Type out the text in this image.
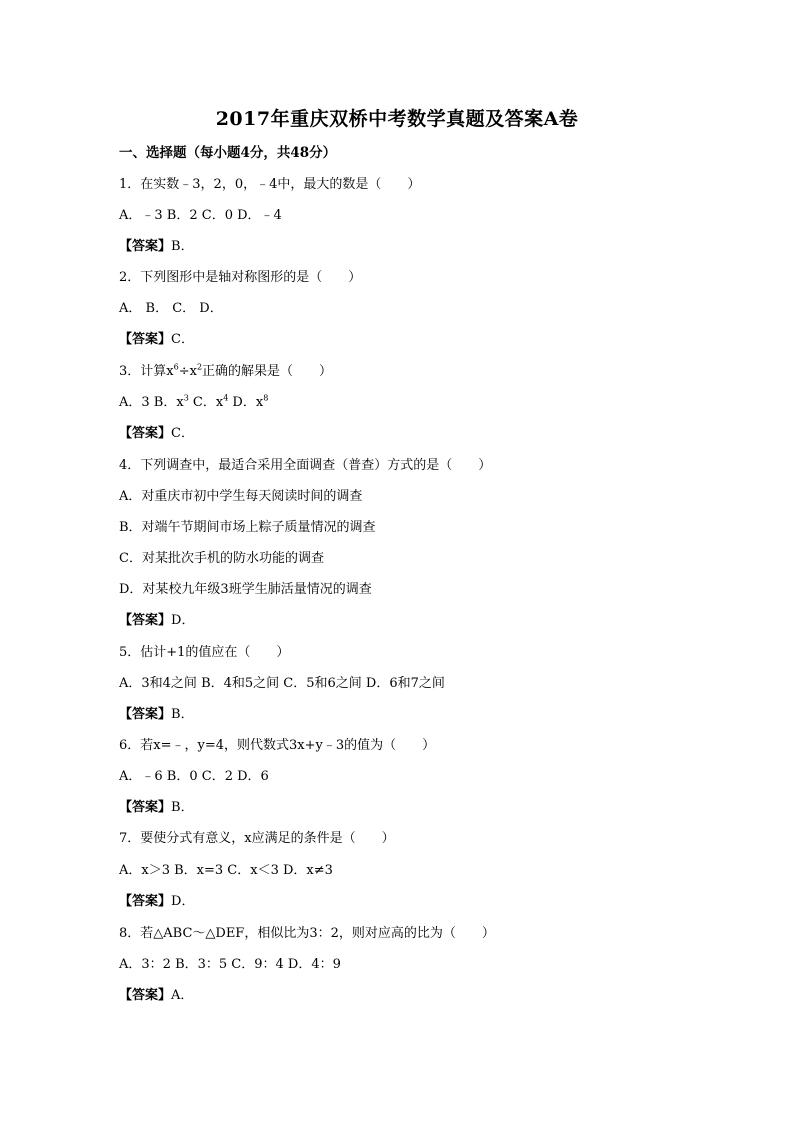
2017年重庆双桥中考数学真题及答案A卷
一、选择题（每小题4分，共48分）
1．在实数﹣3，2，0，﹣4中，最大的数是（　　）
A．﹣3 B．2 C．0 D．﹣4
【答案】B．
2．下列图形中是轴对称图形的是（　　）
A． B． C． D．
【答案】C．
3．计算$x^6\div x^2$正确的解果是（　　）
A．3 B．$x^3$ C．$x^4$ D．$x^8$
【答案】C．
4．下列调查中，最适合采用全面调查（普查）方式的是（　　）
A．对重庆市初中学生每天阅读时间的调查
B．对端午节期间市场上粽子质量情况的调查
C．对某批次手机的防水功能的调查
D．对某校九年级3班学生肺活量情况的调查
【答案】D．
5．估计+1的值应在（　　）
A．3和4之间 B．4和5之间 C．5和6之间 D．6和7之间
【答案】B．
6．若x=﹣，y=4，则代数式3x+y﹣3的值为（　　）
A．﹣6 B．0 C．2 D．6
【答案】B．
7．要使分式有意义，x应满足的条件是（　　）
A．x＞3 B．x=3 C．x＜3 D．x≠3
【答案】D．
8．若△ABC～△DEF，相似比为3：2，则对应高的比为（　　）
A．3：2 B．3：5 C．9：4 D．4：9
【答案】A．
